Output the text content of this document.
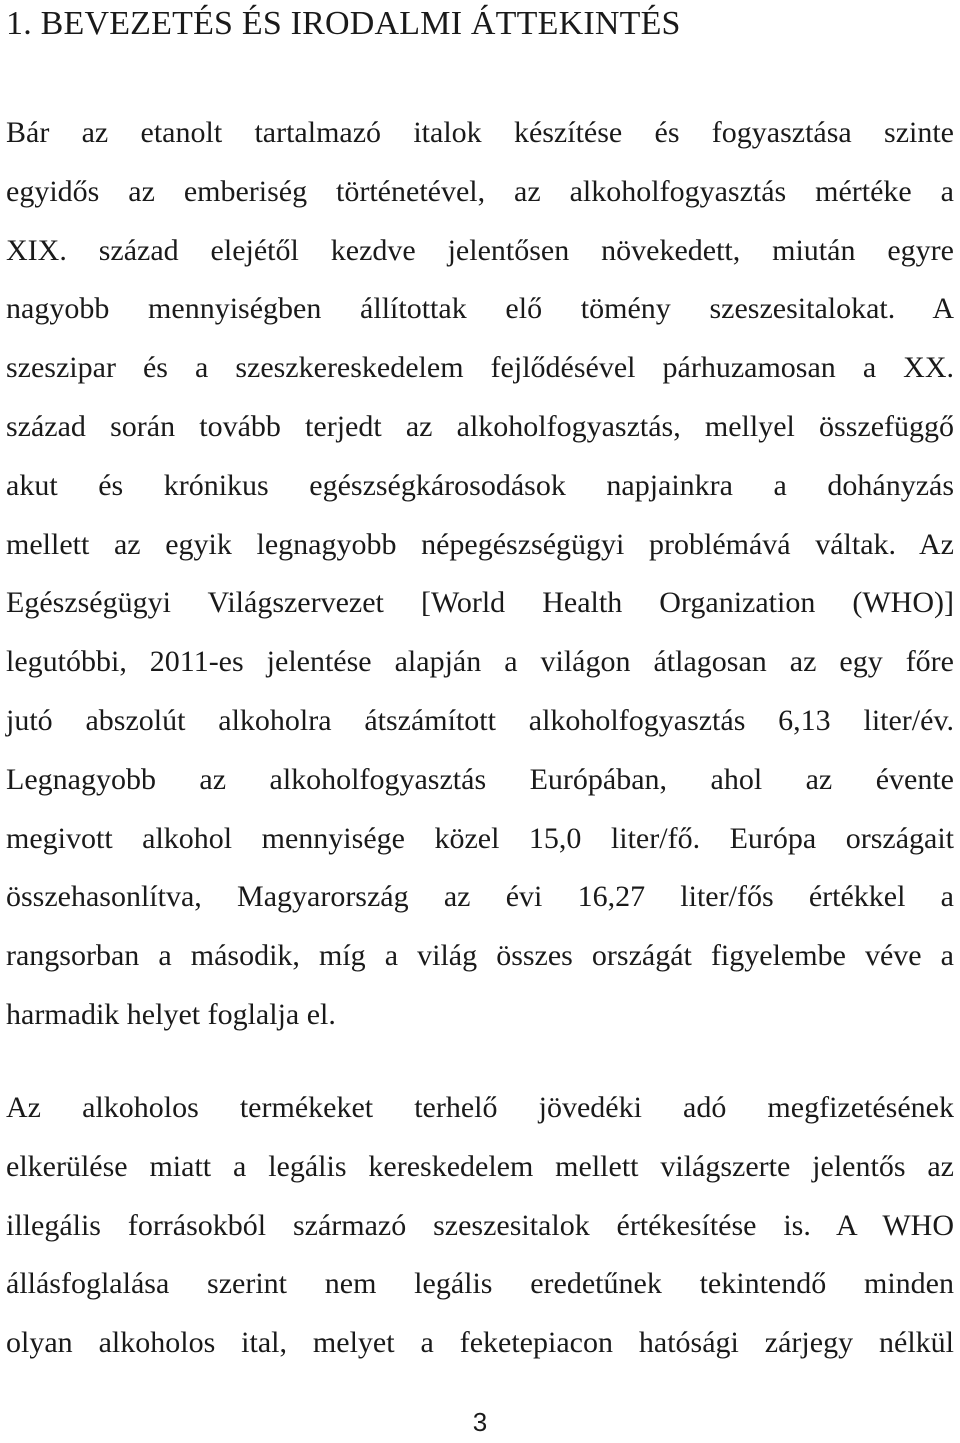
1. BEVEZETÉS ÉS IRODALMI ÁTTEKINTÉS
Bár az etanolt tartalmazó italok készítése és fogyasztása szinte
egyidős az emberiség történetével, az alkoholfogyasztás mértéke a
XIX. század elejétől kezdve jelentősen növekedett, miután egyre
nagyobb mennyiségben állítottak elő tömény szeszesitalokat. A
szeszipar és a szeszkereskedelem fejlődésével párhuzamosan a XX.
század során tovább terjedt az alkoholfogyasztás, mellyel összefüggő
akut és krónikus egészségkárosodások napjainkra a dohányzás
mellett az egyik legnagyobb népegészségügyi problémává váltak. Az
Egészségügyi Világszervezet [World Health Organization (WHO)]
legutóbbi, 2011-es jelentése alapján a világon átlagosan az egy főre
jutó abszolút alkoholra átszámított alkoholfogyasztás 6,13 liter/év.
Legnagyobb az alkoholfogyasztás Európában, ahol az évente
megivott alkohol mennyisége közel 15,0 liter/fő. Európa országait
összehasonlítva, Magyarország az évi 16,27 liter/fős értékkel a
rangsorban a második, míg a világ összes országát figyelembe véve a
harmadik helyet foglalja el.
Az alkoholos termékeket terhelő jövedéki adó megfizetésének
elkerülése miatt a legális kereskedelem mellett világszerte jelentős az
illegális forrásokból származó szeszesitalok értékesítése is. A WHO
állásfoglalása szerint nem legális eredetűnek tekintendő minden
olyan alkoholos ital, melyet a feketepiacon hatósági zárjegy nélkül
3
